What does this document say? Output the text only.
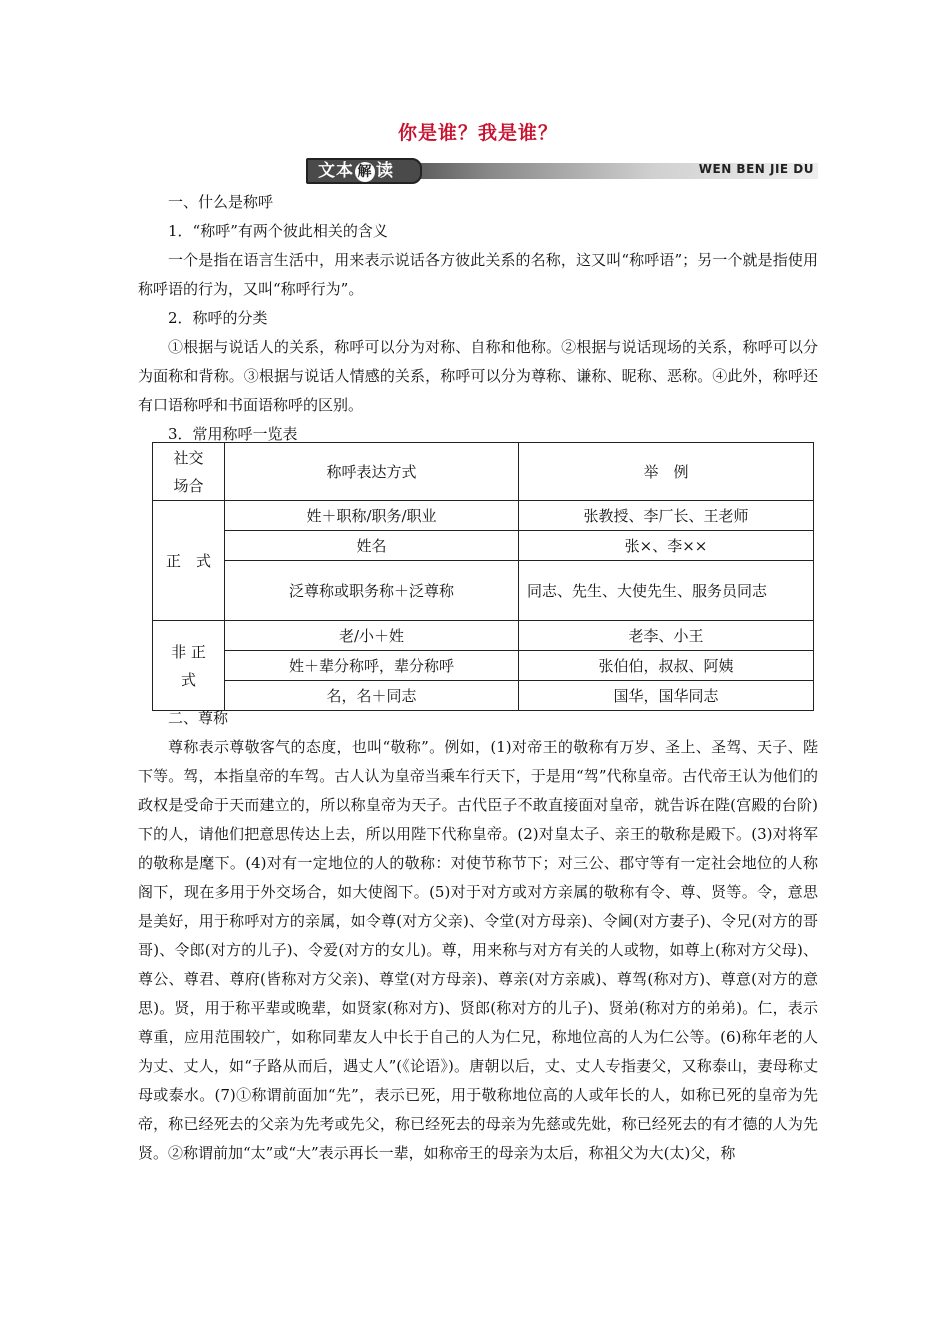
你是谁？我是谁？
文本 解 读	WEN BEN JIE DU

一、什么是称呼

1．“称呼”有两个彼此相关的含义

一个是指在语言生活中，用来表示说话各方彼此关系的名称，这又叫“称呼语”；另一个就是指使用称呼语的行为，又叫“称呼行为”。

2．称呼的分类

①根据与说话人的关系，称呼可以分为对称、自称和他称。②根据与说话现场的关系，称呼可以分为面称和背称。③根据与说话人情感的关系，称呼可以分为尊称、谦称、昵称、恶称。④此外，称呼还有口语称呼和书面语称呼的区别。

3．常用称呼一览表

社交场合	称呼表达方式	举　例
正　式	姓＋职称/职务/职业	张教授、李厂长、王老师
	姓名	张×、李××
	泛尊称或职务称＋泛尊称	同志、先生、大使先生、服务员同志
非 正 式	老/小＋姓	老李、小王
	姓＋辈分称呼，辈分称呼	张伯伯，叔叔、阿姨
	名，名＋同志	国华，国华同志

二、尊称

尊称表示尊敬客气的态度，也叫“敬称”。例如，(1)对帝王的敬称有万岁、圣上、圣驾、天子、陛下等。驾，本指皇帝的车驾。古人认为皇帝当乘车行天下，于是用“驾”代称皇帝。古代帝王认为他们的政权是受命于天而建立的，所以称皇帝为天子。古代臣子不敢直接面对皇帝，就告诉在陛(宫殿的台阶)下的人，请他们把意思传达上去，所以用陛下代称皇帝。(2)对皇太子、亲王的敬称是殿下。(3)对将军的敬称是麾下。(4)对有一定地位的人的敬称：对使节称节下；对三公、郡守等有一定社会地位的人称阁下，现在多用于外交场合，如大使阁下。(5)对于对方或对方亲属的敬称有令、尊、贤等。令，意思是美好，用于称呼对方的亲属，如令尊(对方父亲)、令堂(对方母亲)、令阃(对方妻子)、令兄(对方的哥哥)、令郎(对方的儿子)、令爱(对方的女儿)。尊，用来称与对方有关的人或物，如尊上(称对方父母)、尊公、尊君、尊府(皆称对方父亲)、尊堂(对方母亲)、尊亲(对方亲戚)、尊驾(称对方)、尊意(对方的意思)。贤，用于称平辈或晚辈，如贤家(称对方)、贤郎(称对方的儿子)、贤弟(称对方的弟弟)。仁，表示尊重，应用范围较广，如称同辈友人中长于自己的人为仁兄，称地位高的人为仁公等。(6)称年老的人为丈、丈人，如“子路从而后，遇丈人”(《论语》)。唐朝以后，丈、丈人专指妻父，又称泰山，妻母称丈母或泰水。(7)①称谓前面加“先”，表示已死，用于敬称地位高的人或年长的人，如称已死的皇帝为先帝，称已经死去的父亲为先考或先父，称已经死去的母亲为先慈或先妣，称已经死去的有才德的人为先贤。②称谓前加“太”或“大”表示再长一辈，如称帝王的母亲为太后，称祖父为大(太)父，称
